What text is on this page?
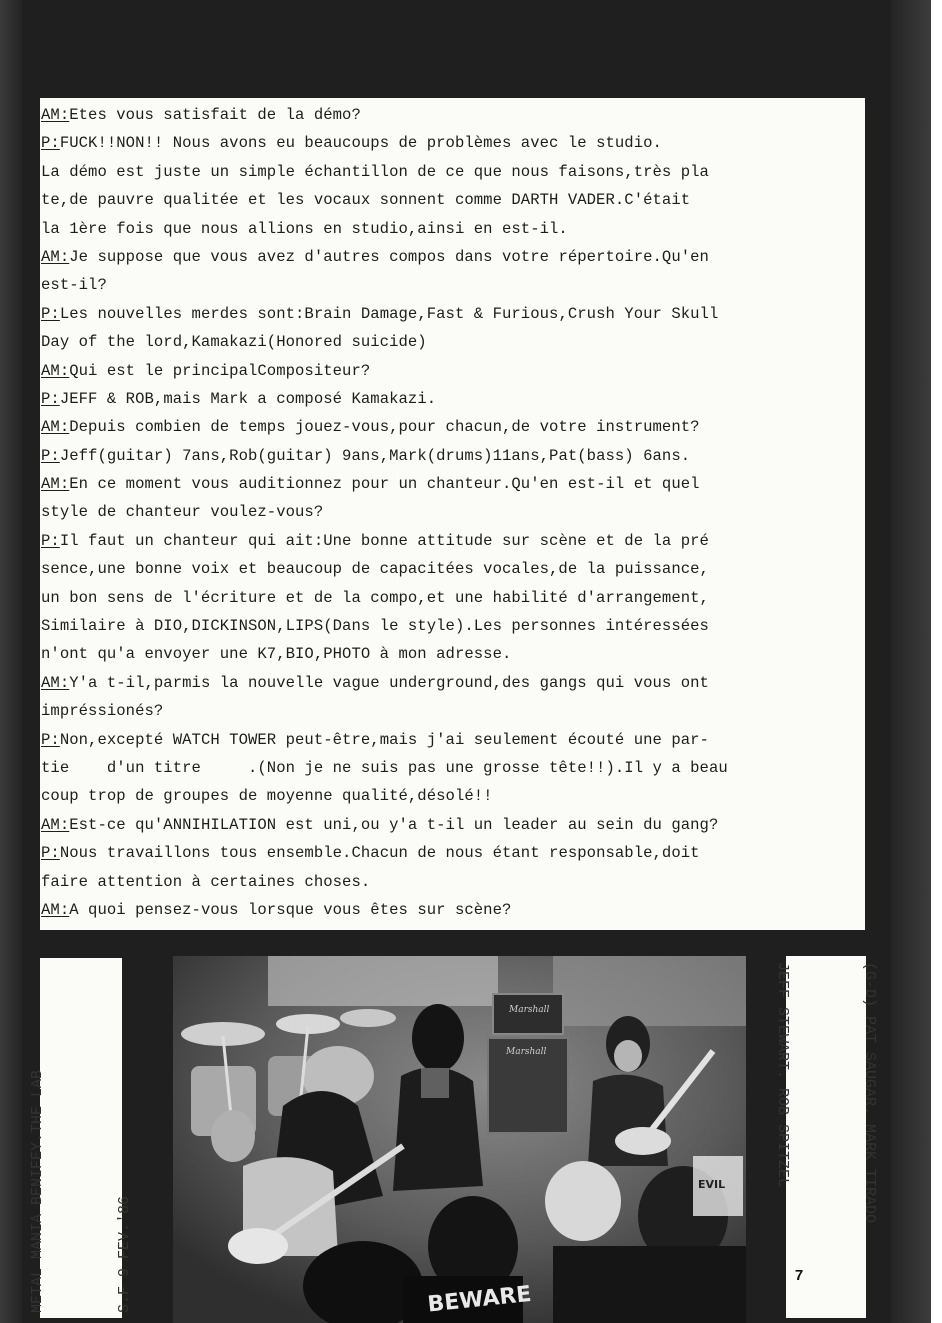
AM:Etes vous satisfait de la démo?
P:FUCK!!NON!! Nous avons eu beaucoups de problèmes avec le studio.
La démo est juste un simple échantillon de ce que nous faisons,très pla
te,de pauvre qualitée et les vocaux sonnent comme DARTH VADER.C'était
la 1ère fois que nous allions en studio,ainsi en est-il.
AM:Je suppose que vous avez d'autres compos dans votre répertoire.Qu'en
est-il?
P:Les nouvelles merdes sont:Brain Damage,Fast & Furious,Crush Your Skull
Day of the lord,Kamakazi(Honored suicide)
AM:Qui est le principalCompositeur?
P:JEFF & ROB,mais Mark a composé Kamakazi.
AM:Depuis combien de temps jouez-vous,pour chacun,de votre instrument?
P:Jeff(guitar) 7ans,Rob(guitar) 9ans,Mark(drums)11ans,Pat(bass) 6ans.
AM:En ce moment vous auditionnez pour un chanteur.Qu'en est-il et quel
style de chanteur voulez-vous?
P:Il faut un chanteur qui ait:Une bonne attitude sur scène et de la pré
sence,une bonne voix et beaucoup de capacitées vocales,de la puissance,
un bon sens de l'écriture et de la compo,et une habilité d'arrangement,
Similaire à DIO,DICKINSON,LIPS(Dans le style).Les personnes intéressées
n'ont qu'a envoyer une K7,BIO,PHOTO à mon adresse.
AM:Y'a t-il,parmis la nouvelle vague underground,des gangs qui vous ont
impréssionés?
P:Non,excepté WATCH TOWER peut-être,mais j'ai seulement écouté une par-
tie    d'un titre     .(Non je ne suis pas une grosse tête!!).Il y a beau
coup trop de groupes de moyenne qualité,désolé!!
AM:Est-ce qu'ANNIHILATION est uni,ou y'a t-il un leader au sein du gang?
P:Nous travaillons tous ensemble.Chacun de nous étant responsable,doit
faire attention à certaines choses.
AM:A quoi pensez-vous lorsque vous êtes sur scène?

METAL MANIA BENIFEY.THE LAB

	S.F 9 FEV.'86

Marshall
Marshall
BEWARE
EVIL

	(G-D) PAT SAUGAR. MARK TIRADO

JEFF STEWART. ROB SPITZEL

7
